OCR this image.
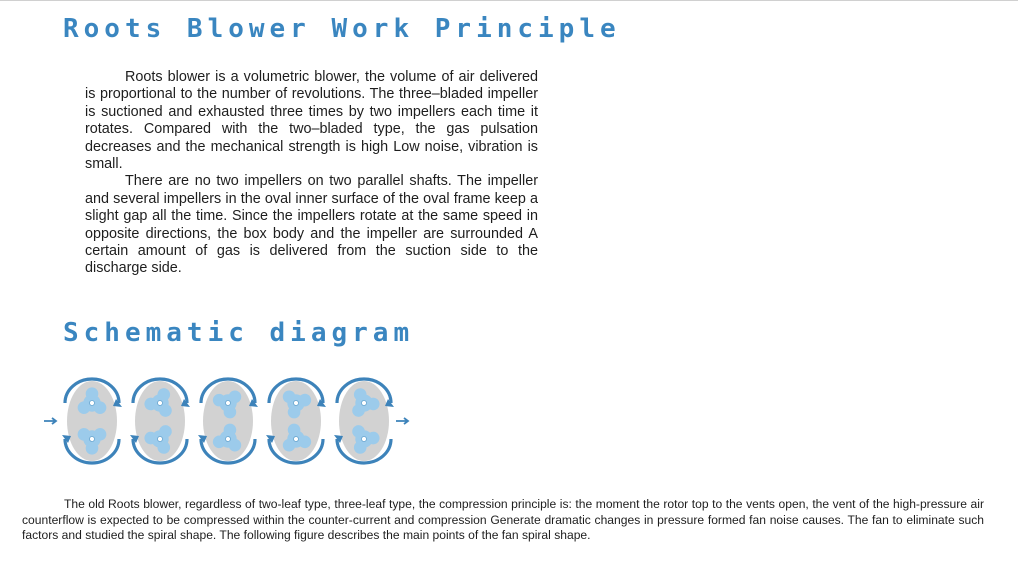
Roots Blower Work Principle

Roots blower is a volumetric blower, the volume of air delivered is proportional to the number of revolutions. The three–bladed impeller is suctioned and exhausted three times by two impellers each time it rotates. Compared with the two–bladed type, the gas pulsation decreases and the mechanical strength is high Low noise, vibration is small.

There are no two impellers on two parallel shafts. The impeller and several impellers in the oval inner surface of the oval frame keep a slight gap all the time. Since the impellers rotate at the same speed in opposite directions, the box body and the impeller are surrounded A certain amount of gas is delivered from the suction side to the discharge side.

Schematic diagram

The old Roots blower, regardless of two-leaf type, three-leaf type, the compression principle is: the moment the rotor top to the vents open, the vent of the high-pressure air counterflow is expected to be compressed within the counter-current and compression Generate dramatic changes in pressure formed fan noise causes. The fan to eliminate such factors and studied the spiral shape. The following figure describes the main points of the fan spiral shape.
